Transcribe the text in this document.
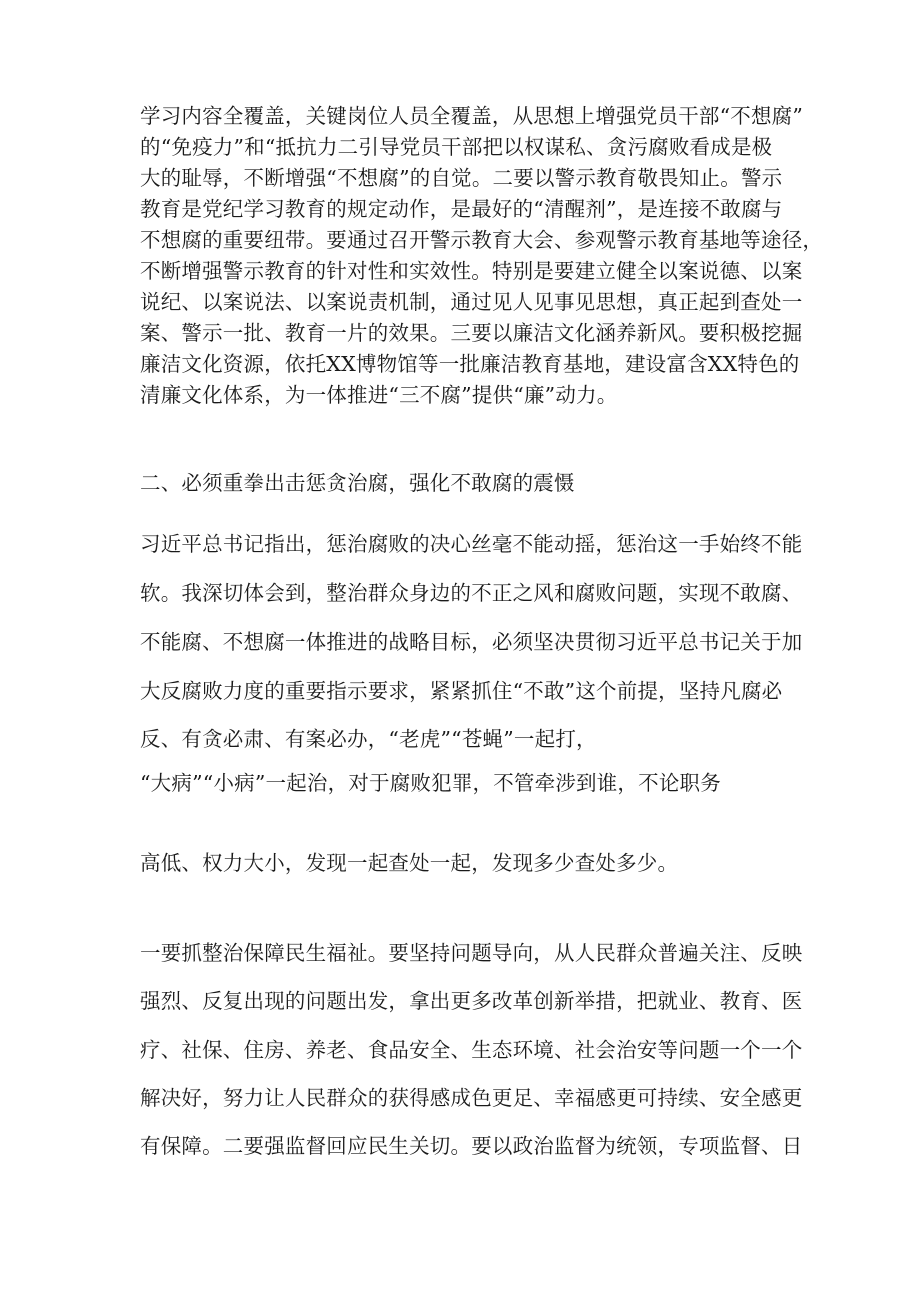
学习内容全覆盖，关键岗位人员全覆盖，从思想上增强党员干部“不想腐”
的“免疫力”和“抵抗力二引导党员干部把以权谋私、贪污腐败看成是极
大的耻辱，不断增强“不想腐”的自觉。二要以警示教育敬畏知止。警示
教育是党纪学习教育的规定动作，是最好的“清醒剂”，是连接不敢腐与
不想腐的重要纽带。要通过召开警示教育大会、参观警示教育基地等途径，
不断增强警示教育的针对性和实效性。特别是要建立健全以案说德、以案
说纪、以案说法、以案说责机制，通过见人见事见思想，真正起到查处一
案、警示一批、教育一片的效果。三要以廉洁文化涵养新风。要积极挖掘
廉洁文化资源，依托XX博物馆等一批廉洁教育基地，建设富含XX特色的
清廉文化体系，为一体推进“三不腐”提供“廉”动力。
二、必须重拳出击惩贪治腐，强化不敢腐的震慑
习近平总书记指出，惩治腐败的决心丝毫不能动摇，惩治这一手始终不能
软。我深切体会到，整治群众身边的不正之风和腐败问题，实现不敢腐、
不能腐、不想腐一体推进的战略目标，必须坚决贯彻习近平总书记关于加
大反腐败力度的重要指示要求，紧紧抓住“不敢”这个前提，坚持凡腐必
反、有贪必肃、有案必办，“老虎”“苍蝇”一起打，
“大病”“小病”一起治，对于腐败犯罪，不管牵涉到谁，不论职务
高低、权力大小，发现一起查处一起，发现多少查处多少。
一要抓整治保障民生福祉。要坚持问题导向，从人民群众普遍关注、反映
强烈、反复出现的问题出发，拿出更多改革创新举措，把就业、教育、医
疗、社保、住房、养老、食品安全、生态环境、社会治安等问题一个一个
解决好，努力让人民群众的获得感成色更足、幸福感更可持续、安全感更
有保障。二要强监督回应民生关切。要以政治监督为统领，专项监督、日
